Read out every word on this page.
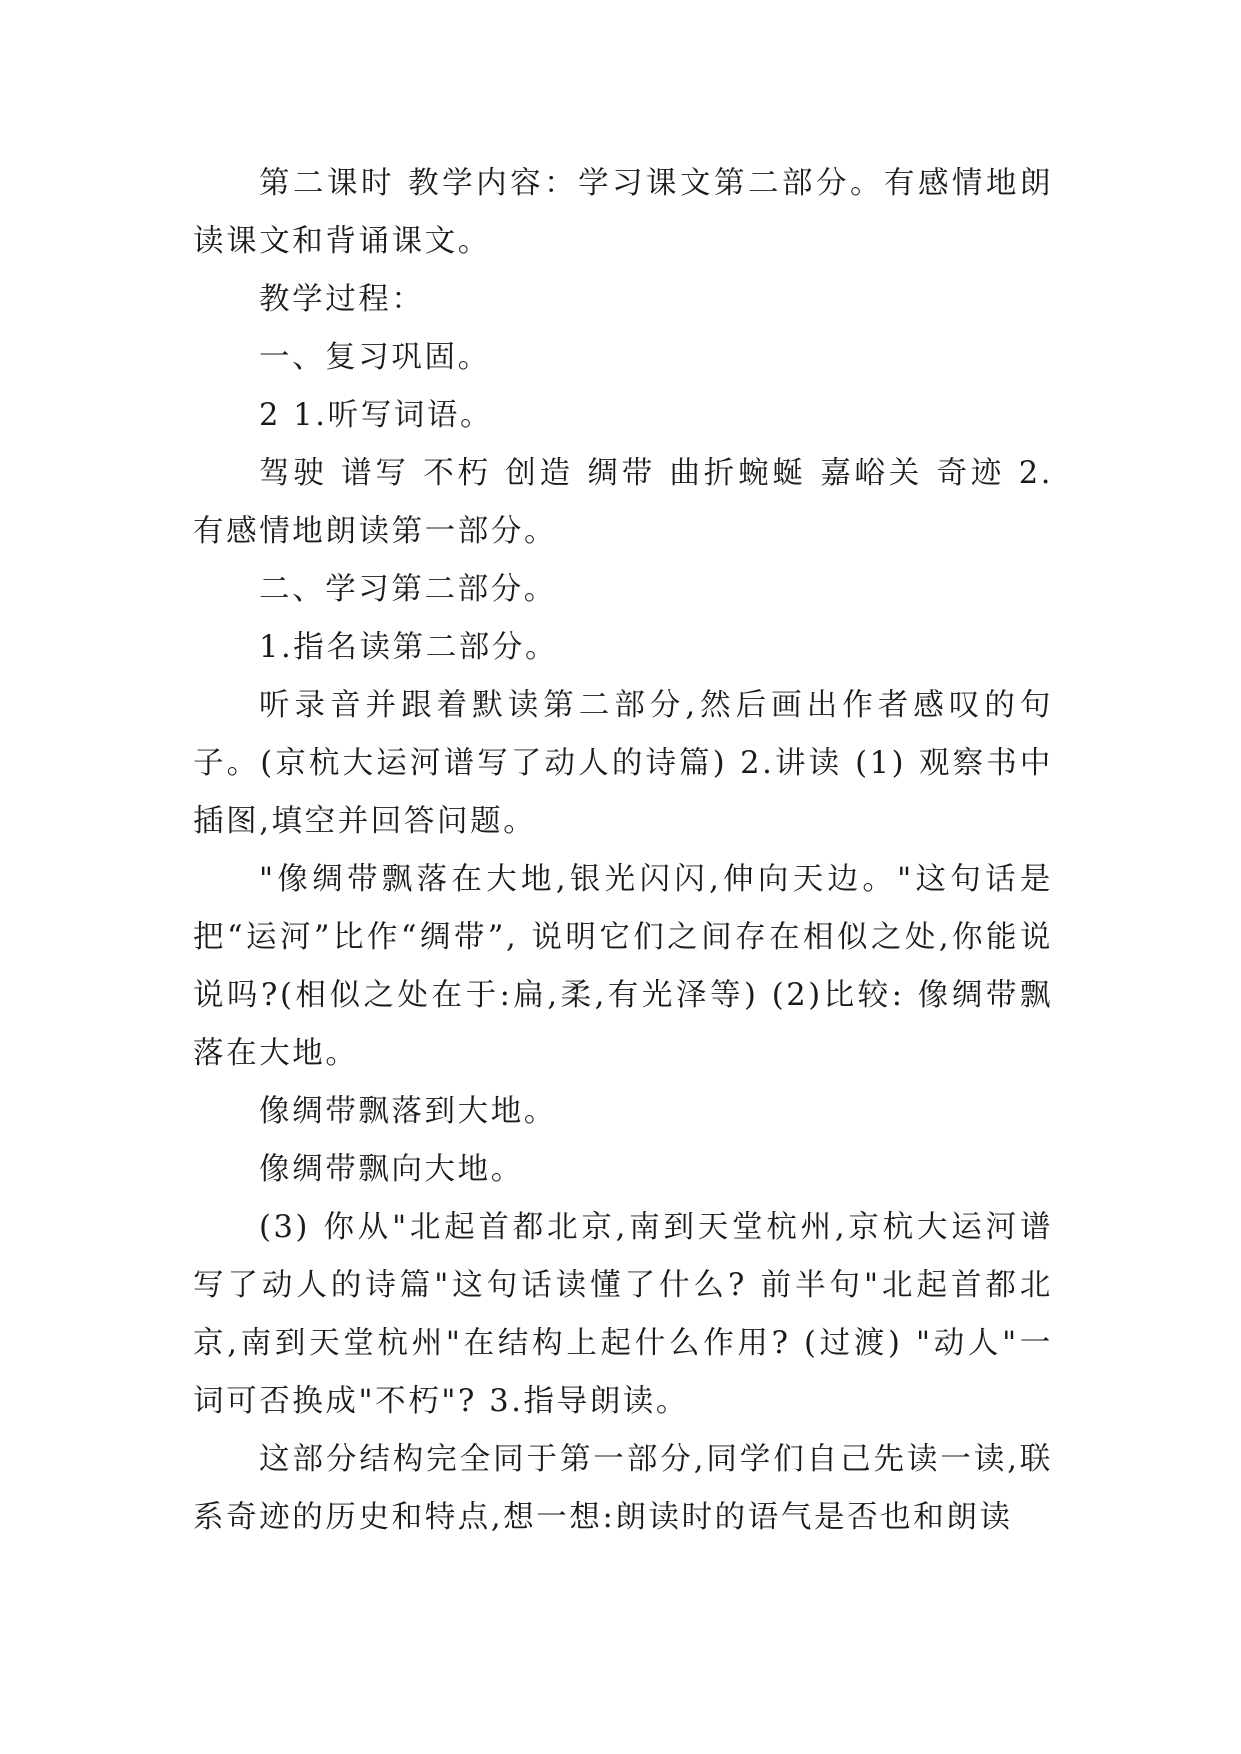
第二课时 教学内容：学习课文第二部分。有感情地朗读课文和背诵课文。

教学过程：

一、复习巩固。

2 1.听写词语。

驾驶 谱写 不朽 创造 绸带 曲折蜿蜒 嘉峪关 奇迹 2.有感情地朗读第一部分。

二、学习第二部分。

1.指名读第二部分。

听录音并跟着默读第二部分,然后画出作者感叹的句子。(京杭大运河谱写了动人的诗篇) 2.讲读 (1) 观察书中插图,填空并回答问题。

"像绸带飘落在大地,银光闪闪,伸向天边。"这句话是把“运河”比作“绸带”, 说明它们之间存在相似之处,你能说说吗?(相似之处在于:扁,柔,有光泽等) (2)比较: 像绸带飘落在大地。

像绸带飘落到大地。

像绸带飘向大地。

(3) 你从"北起首都北京,南到天堂杭州,京杭大运河谱写了动人的诗篇"这句话读懂了什么? 前半句"北起首都北京,南到天堂杭州"在结构上起什么作用? (过渡) "动人"一词可否换成"不朽"? 3.指导朗读。

这部分结构完全同于第一部分,同学们自己先读一读,联系奇迹的历史和特点,想一想:朗读时的语气是否也和朗读
